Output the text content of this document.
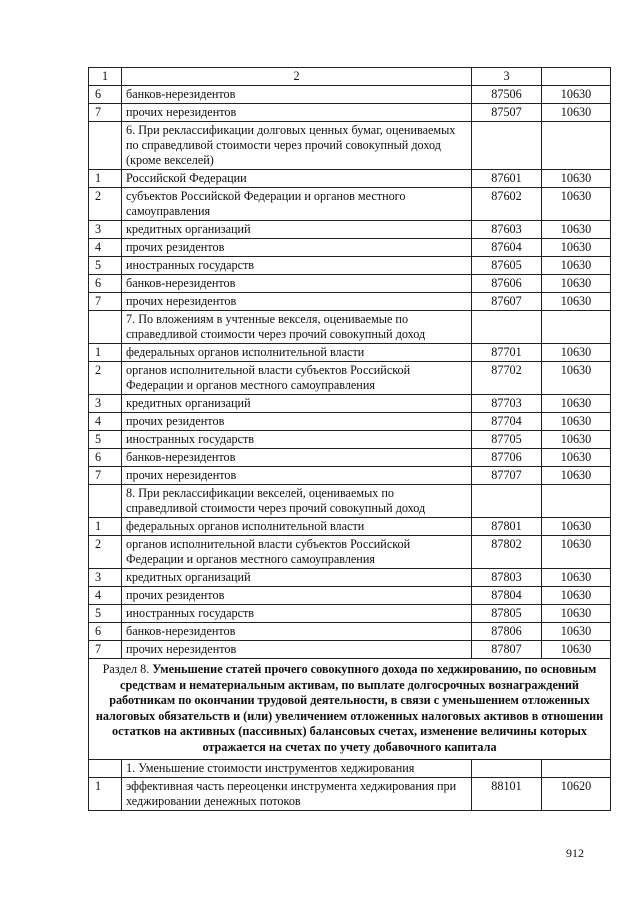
1	2	3	
6	банков-нерезидентов	87506	10630
7	прочих нерезидентов	87507	10630
	6. При реклассификации долговых ценных бумаг, оцениваемых по справедливой стоимости через прочий совокупный доход (кроме векселей)		
1	Российской Федерации	87601	10630
2	субъектов Российской Федерации и органов местного самоуправления	87602	10630
3	кредитных организаций	87603	10630
4	прочих резидентов	87604	10630
5	иностранных государств	87605	10630
6	банков-нерезидентов	87606	10630
7	прочих нерезидентов	87607	10630
	7. По вложениям в учтенные векселя, оцениваемые по справедливой стоимости через прочий совокупный доход		
1	федеральных органов исполнительной власти	87701	10630
2	органов исполнительной власти субъектов Российской Федерации и органов местного самоуправления	87702	10630
3	кредитных организаций	87703	10630
4	прочих резидентов	87704	10630
5	иностранных государств	87705	10630
6	банков-нерезидентов	87706	10630
7	прочих нерезидентов	87707	10630
	8. При реклассификации векселей, оцениваемых по справедливой стоимости через прочий совокупный доход		
1	федеральных органов исполнительной власти	87801	10630
2	органов исполнительной власти субъектов Российской Федерации и органов местного самоуправления	87802	10630
3	кредитных организаций	87803	10630
4	прочих резидентов	87804	10630
5	иностранных государств	87805	10630
6	банков-нерезидентов	87806	10630
7	прочих нерезидентов	87807	10630
Раздел 8. Уменьшение статей прочего совокупного дохода по хеджированию, по основным средствам и нематериальным активам, по выплате долгосрочных вознаграждений работникам по окончании трудовой деятельности, в связи с уменьшением отложенных налоговых обязательств и (или) увеличением отложенных налоговых активов в отношении остатков на активных (пассивных) балансовых счетах, изменение величины которых отражается на счетах по учету добавочного капитала			
	1. Уменьшение стоимости инструментов хеджирования		
1	эффективная часть переоценки инструмента хеджирования при хеджировании денежных потоков	88101	10620
912
